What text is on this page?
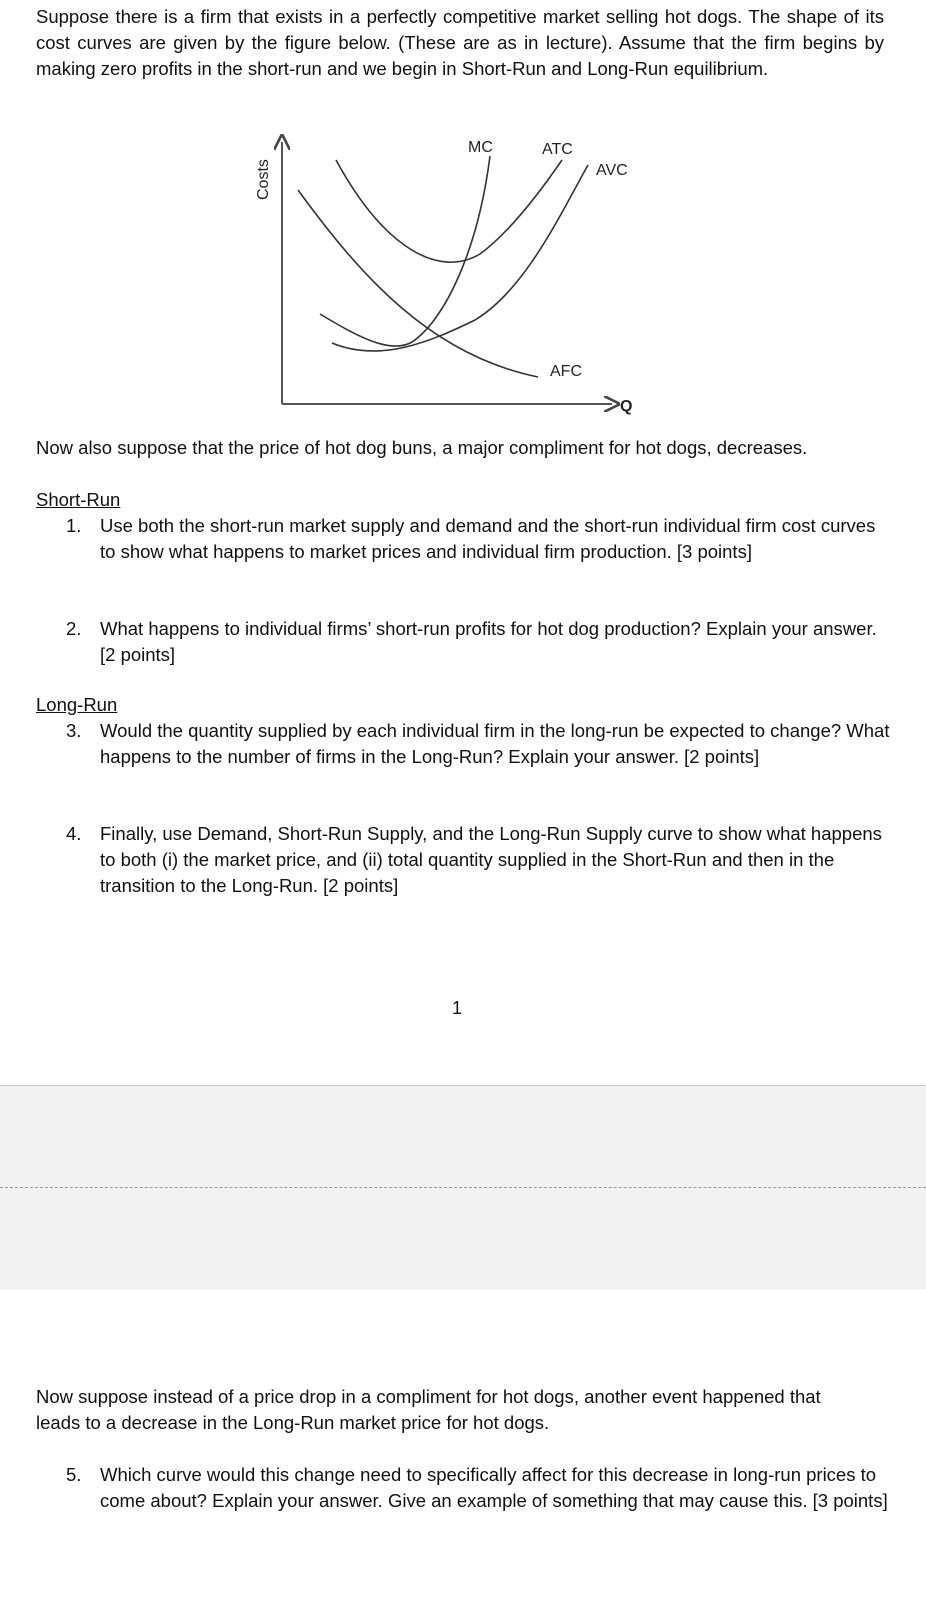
Suppose there is a firm that exists in a perfectly competitive market selling hot dogs. The shape of its cost curves are given by the figure below. (These are as in lecture). Assume that the firm begins by making zero profits in the short-run and we begin in Short-Run and Long-Run equilibrium.

Costs
MC	ATC
AVC
AFC
Q

Now also suppose that the price of hot dog buns, a major compliment for hot dogs, decreases.

Short-Run

1. Use both the short-run market supply and demand and the short-run individual firm cost curves to show what happens to market prices and individual firm production. [3 points]
2. What happens to individual firms’ short-run profits for hot dog production? Explain your answer. [2 points]

Long-Run

3. Would the quantity supplied by each individual firm in the long-run be expected to change? What happens to the number of firms in the Long-Run? Explain your answer. [2 points]
4. Finally, use Demand, Short-Run Supply, and the Long-Run Supply curve to show what happens to both (i) the market price, and (ii) total quantity supplied in the Short-Run and then in the transition to the Long-Run. [2 points]
1

Now suppose instead of a price drop in a compliment for hot dogs, another event happened that leads to a decrease in the Long-Run market price for hot dogs.

5. Which curve would this change need to specifically affect for this decrease in long-run prices to come about? Explain your answer. Give an example of something that may cause this. [3 points]
